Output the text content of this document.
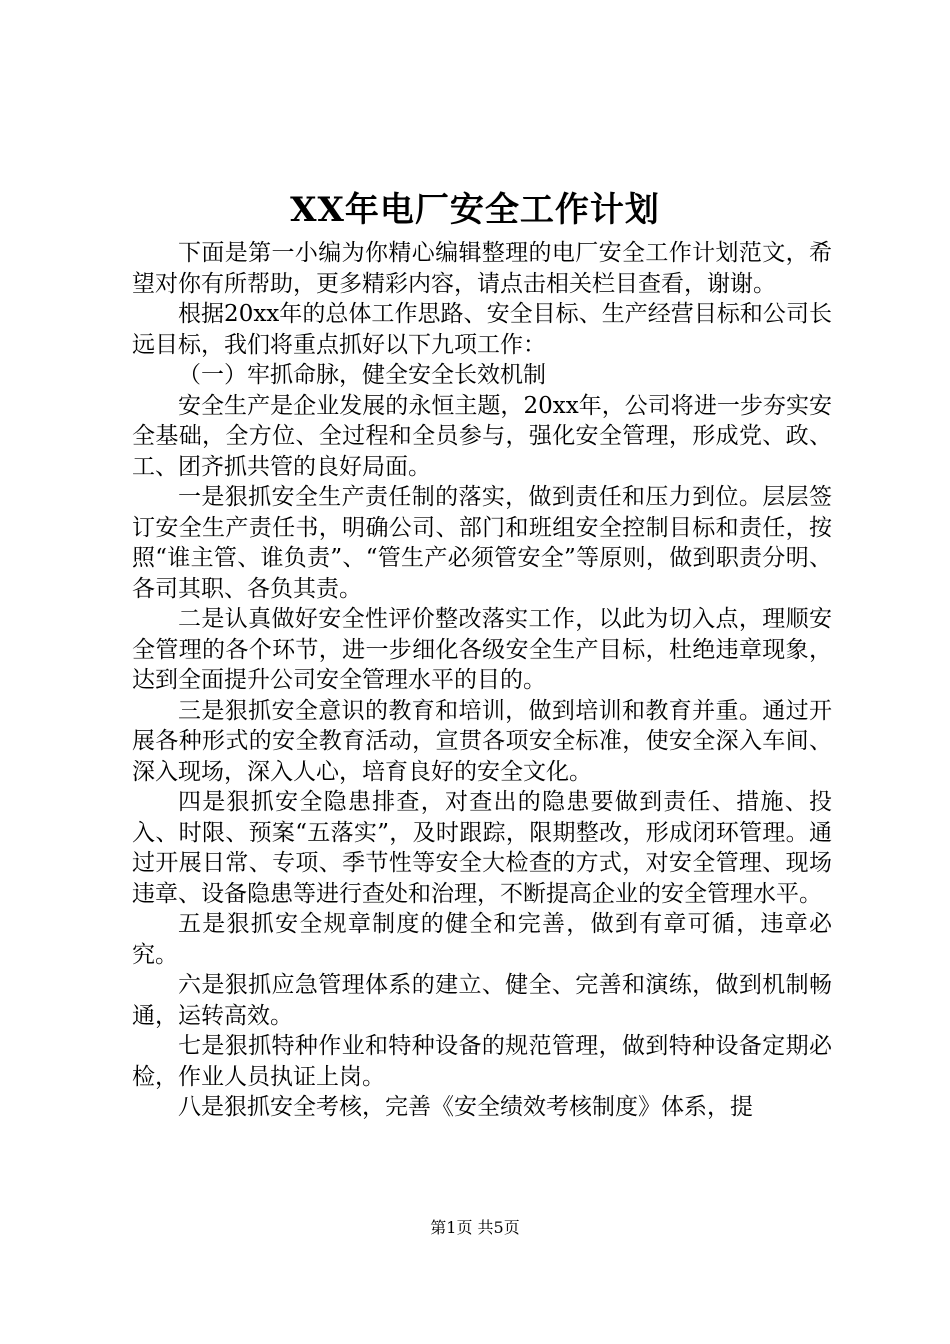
XX年电厂安全工作计划

下面是第一小编为你精心编辑整理的电厂安全工作计划范文，希望对你有所帮助，更多精彩内容，请点击相关栏目查看，谢谢。

根据20xx年的总体工作思路、安全目标、生产经营目标和公司长远目标，我们将重点抓好以下九项工作：

（一）牢抓命脉，健全安全长效机制

安全生产是企业发展的永恒主题，20xx年，公司将进一步夯实安全基础，全方位、全过程和全员参与，强化安全管理，形成党、政、工、团齐抓共管的良好局面。

一是狠抓安全生产责任制的落实，做到责任和压力到位。层层签订安全生产责任书，明确公司、部门和班组安全控制目标和责任，按照“谁主管、谁负责”、“管生产必须管安全”等原则，做到职责分明、各司其职、各负其责。

二是认真做好安全性评价整改落实工作，以此为切入点，理顺安全管理的各个环节，进一步细化各级安全生产目标，杜绝违章现象，达到全面提升公司安全管理水平的目的。

三是狠抓安全意识的教育和培训，做到培训和教育并重。通过开展各种形式的安全教育活动，宣贯各项安全标准，使安全深入车间、深入现场，深入人心，培育良好的安全文化。

四是狠抓安全隐患排查，对查出的隐患要做到责任、措施、投入、时限、预案“五落实”，及时跟踪，限期整改，形成闭环管理。通过开展日常、专项、季节性等安全大检查的方式，对安全管理、现场违章、设备隐患等进行查处和治理，不断提高企业的安全管理水平。

五是狠抓安全规章制度的健全和完善，做到有章可循，违章必究。

六是狠抓应急管理体系的建立、健全、完善和演练，做到机制畅通，运转高效。

七是狠抓特种作业和特种设备的规范管理，做到特种设备定期必检，作业人员执证上岗。

八是狠抓安全考核，完善《安全绩效考核制度》体系，提

第1页 共5页
